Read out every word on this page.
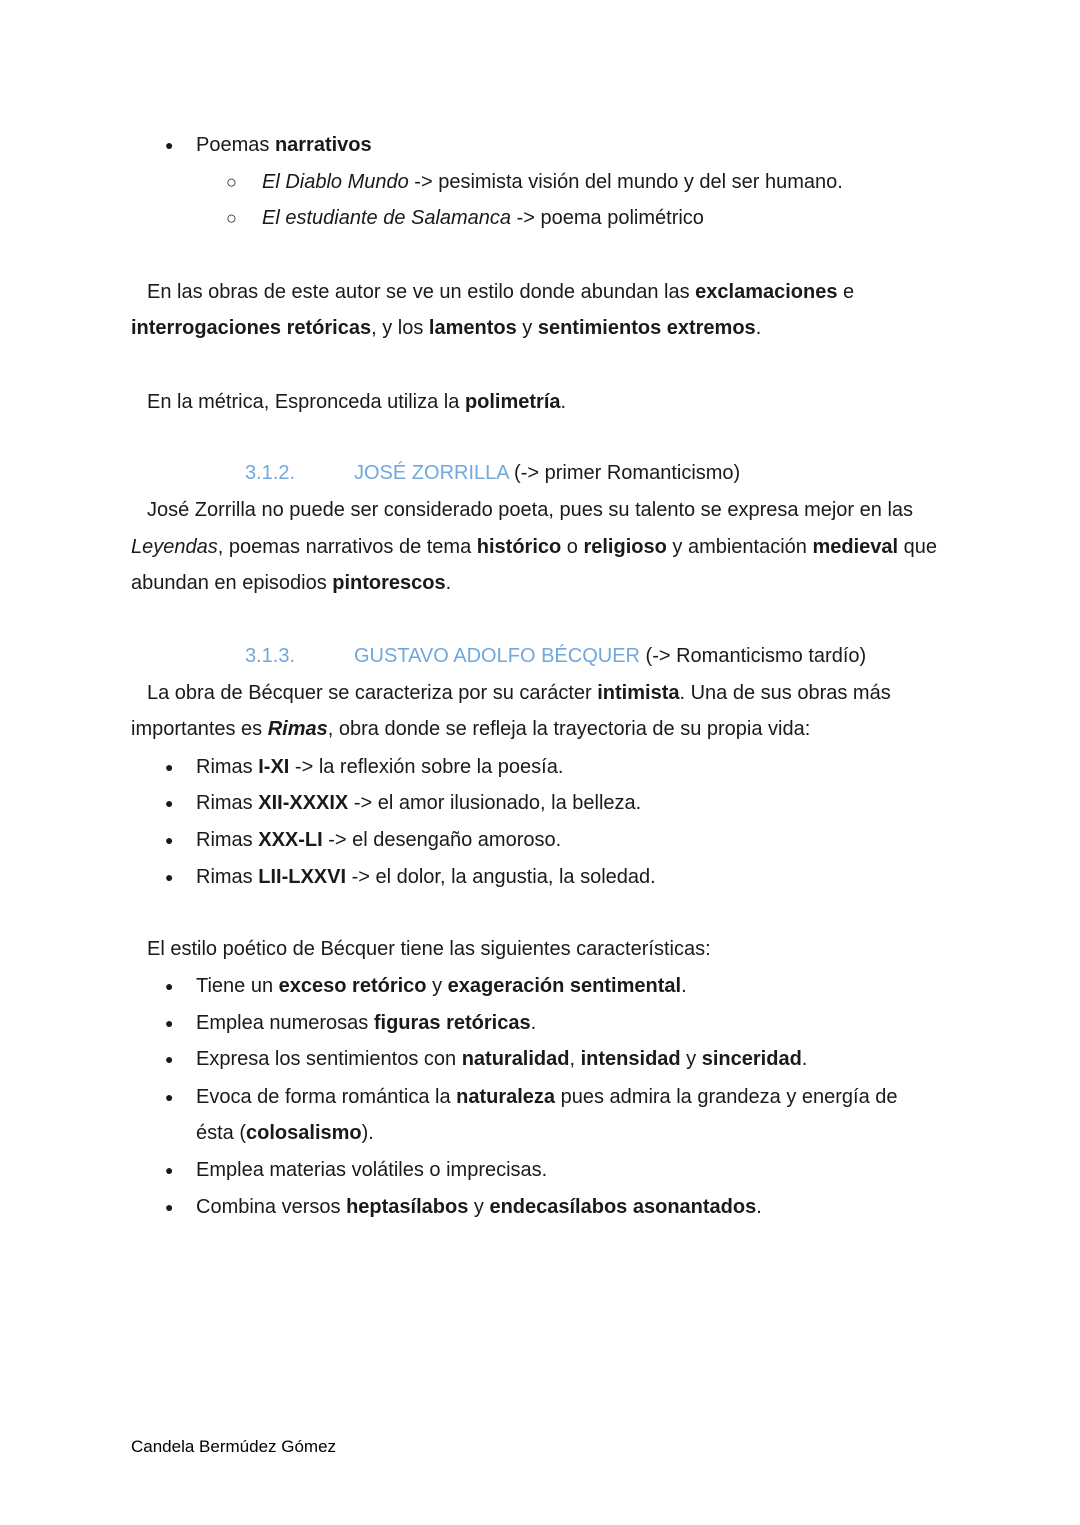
● Poemas narrativos
○ El Diablo Mundo -> pesimista visión del mundo y del ser humano.
○ El estudiante de Salamanca -> poema polimétrico
En las obras de este autor se ve un estilo donde abundan las exclamaciones e
interrogaciones retóricas, y los lamentos y sentimientos extremos.
En la métrica, Espronceda utiliza la polimetría.
3.1.2.	JOSÉ ZORRILLA (-> primer Romanticismo)
José Zorrilla no puede ser considerado poeta, pues su talento se expresa mejor en las
Leyendas, poemas narrativos de tema histórico o religioso y ambientación medieval que
abundan en episodios pintorescos.
3.1.3.	GUSTAVO ADOLFO BÉCQUER (-> Romanticismo tardío)
La obra de Bécquer se caracteriza por su carácter intimista. Una de sus obras más
importantes es Rimas, obra donde se refleja la trayectoria de su propia vida:
● Rimas I-XI -> la reflexión sobre la poesía.
● Rimas XII-XXXIX -> el amor ilusionado, la belleza.
● Rimas XXX-LI -> el desengaño amoroso.
● Rimas LII-LXXVI -> el dolor, la angustia, la soledad.
El estilo poético de Bécquer tiene las siguientes características:
● Tiene un exceso retórico y exageración sentimental.
● Emplea numerosas figuras retóricas.
● Expresa los sentimientos con naturalidad, intensidad y sinceridad.
● Evoca de forma romántica la naturaleza pues admira la grandeza y energía de
ésta (colosalismo).
● Emplea materias volátiles o imprecisas.
● Combina versos heptasílabos y endecasílabos asonantados.
Candela Bermúdez Gómez
